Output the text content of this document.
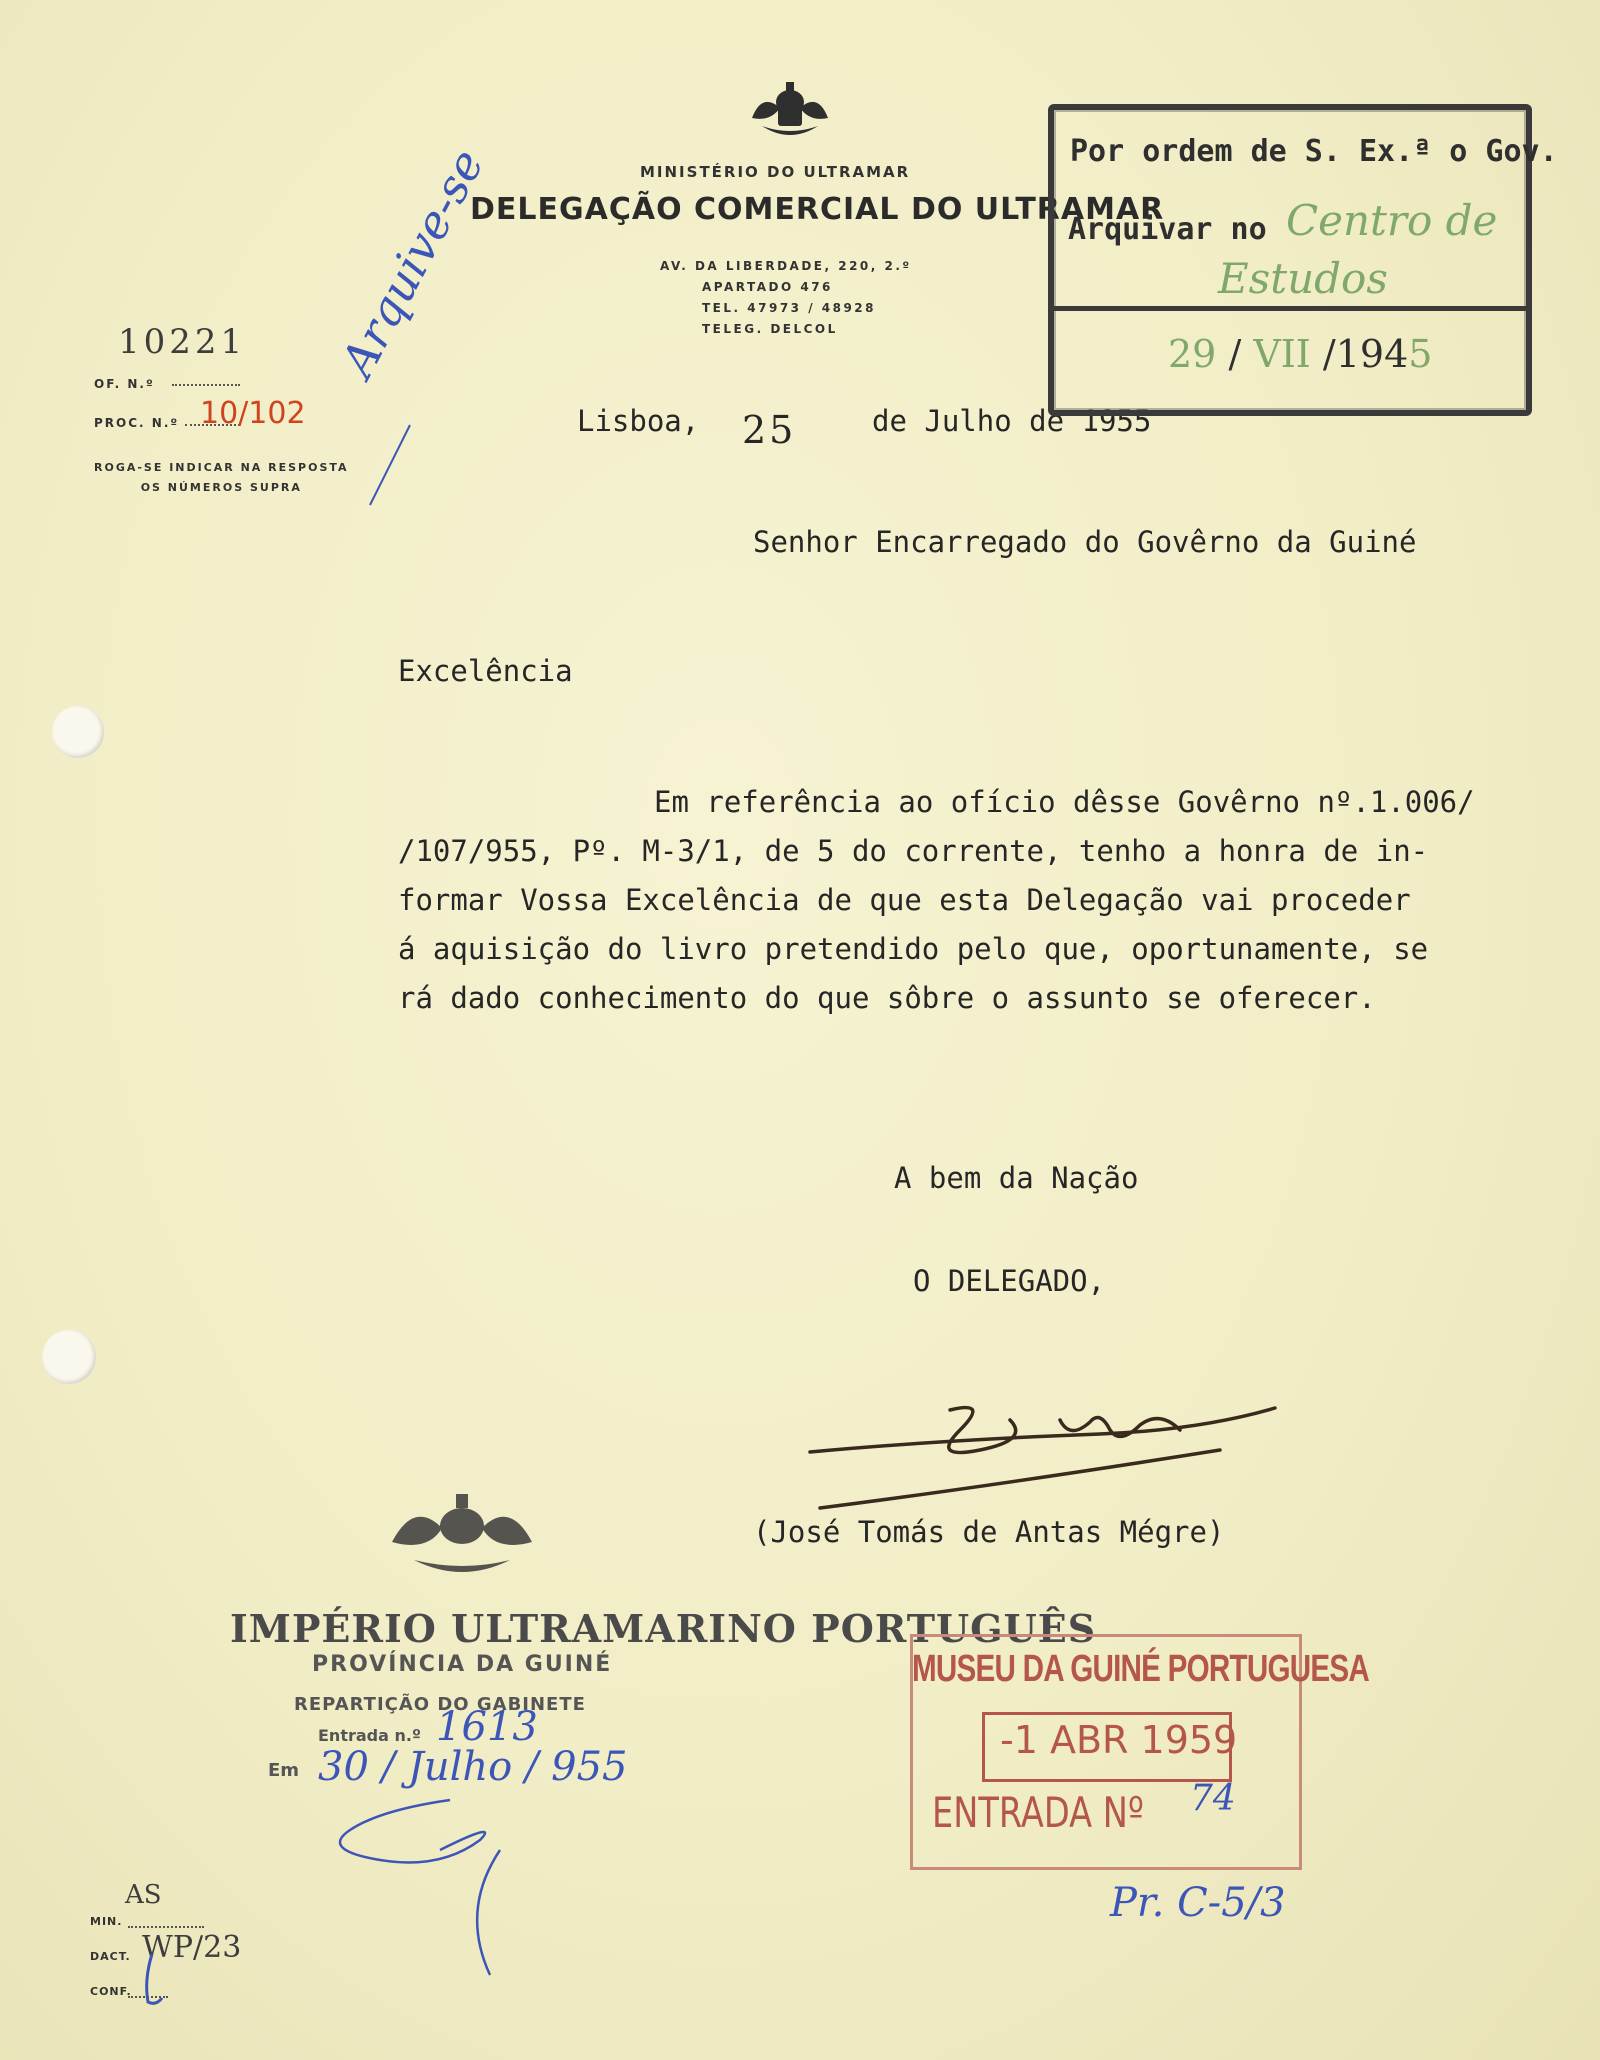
MINISTÉRIO DO ULTRAMAR
DELEGAÇÃO COMERCIAL DO ULTRAMAR
AV. DA LIBERDADE, 220, 2.º
APARTADO 476
TEL. 47973 / 48928
TELEG. DELCOL
10221
OF. N.º
PROC. N.º 10/102
ROGA-SE INDICAR NA RESPOSTA
OS NÚMEROS SUPRA
Arquive-se
Lisboa, 25	de Julho de 1955
Senhor Encarregado do Govêrno da Guiné
Excelência
Em referência ao ofício dêsse Govêrno nº.1.006/
/107/955, Pº. M-3/1, de 5 do corrente, tenho a honra de in-
formar Vossa Excelência de que esta Delegação vai proceder
á aquisição do livro pretendido pelo que, oportunamente, se
rá dado conhecimento do que sôbre o assunto se oferecer.
A bem da Nação
O DELEGADO,
(José Tomás de Antas Mégre)
Por ordem de S. Ex.ª o Gov.
Arquivar no Centro de
Estudos
29 / VII /1945
IMPÉRIO ULTRAMARINO PORTUGUÊS
PROVÍNCIA DA GUINÉ
REPARTIÇÃO DO GABINETE
Entrada n.º 1613
Em 30 / Julho / 955
MUSEU DA GUINÉ PORTUGUESA
-1 ABR 1959
ENTRADA Nº 74
Pr. C-5/3
AS
MIN.
DACT. WP/23
CONF.
